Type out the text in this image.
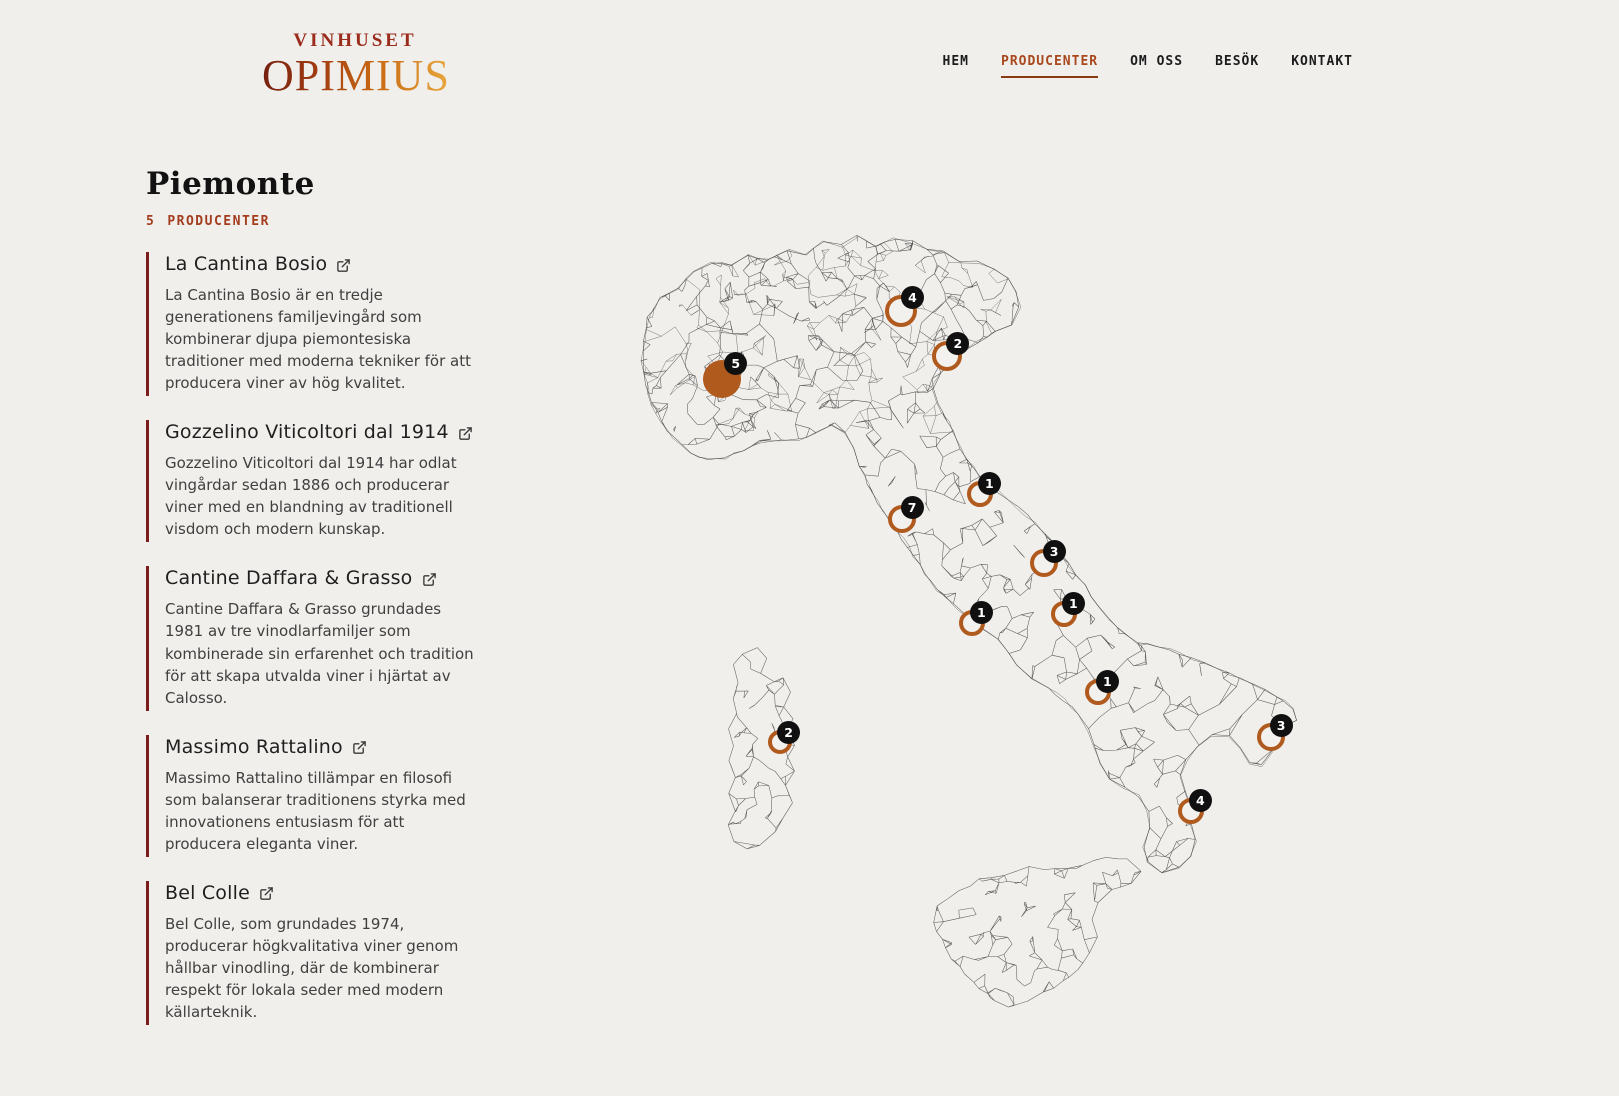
5
4
2
1
7
3
1
1
1
3
2
4
VINHUSET
OPIMIUS	HEM PRODUCENTER OM OSS BESÖK KONTAKT
Piemonte
5 PRODUCENTER
La Cantina Bosio
La Cantina Bosio är en tredje generationens familjevingård som kombinerar djupa piemontesiska traditioner med moderna tekniker för att producera viner av hög kvalitet.
Gozzelino Viticoltori dal 1914
Gozzelino Viticoltori dal 1914 har odlat vingårdar sedan 1886 och producerar viner med en blandning av traditionell visdom och modern kunskap.
Cantine Daffara & Grasso
Cantine Daffara & Grasso grundades 1981 av tre vinodlarfamiljer som kombinerade sin erfarenhet och tradition för att skapa utvalda viner i hjärtat av Calosso.
Massimo Rattalino
Massimo Rattalino tillämpar en filosofi som balanserar traditionens styrka med innovationens entusiasm för att producera eleganta viner.
Bel Colle
Bel Colle, som grundades 1974, producerar högkvalitativa viner genom hållbar vinodling, där de kombinerar respekt för lokala seder med modern källarteknik.
